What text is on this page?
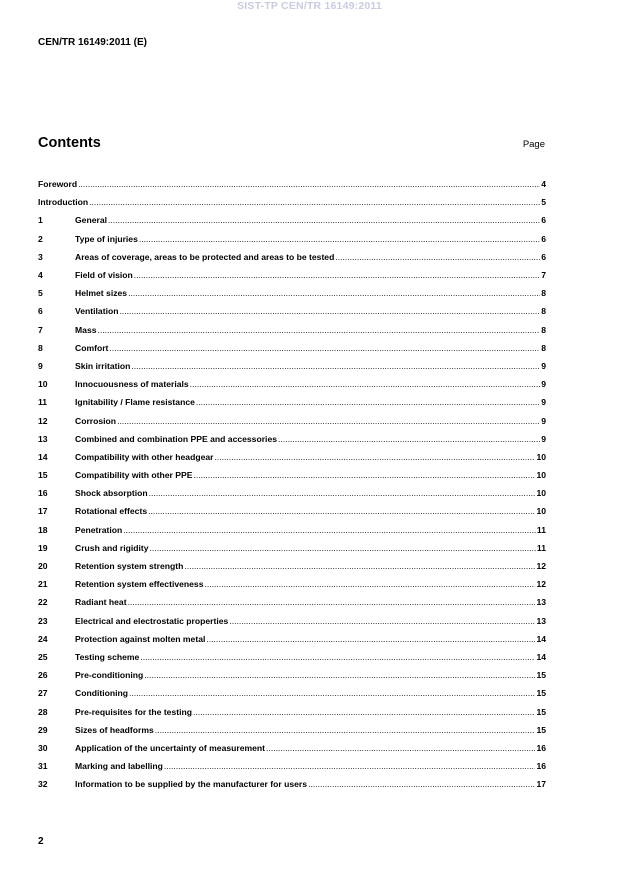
SIST-TP CEN/TR 16149:2011
CEN/TR 16149:2011 (E)
Contents	Page
Foreword .....	4
Introduction .....	5
1	General .....	6
2	Type of injuries .....	6
3	Areas of coverage, areas to be protected and areas to be tested .....	6
4	Field of vision .....	7
5	Helmet sizes .....	8
6	Ventilation .....	8
7	Mass .....	8
8	Comfort .....	8
9	Skin irritation .....	9
10	Innocuousness of materials .....	9
11	Ignitability / Flame resistance .....	9
12	Corrosion .....	9
13	Combined and combination PPE and accessories .....	9
14	Compatibility with other headgear .....	10
15	Compatibility with other PPE .....	10
16	Shock absorption .....	10
17	Rotational effects .....	10
18	Penetration .....	11
19	Crush and rigidity .....	11
20	Retention system strength .....	12
21	Retention system effectiveness .....	12
22	Radiant heat .....	13
23	Electrical and electrostatic properties .....	13
24	Protection against molten metal .....	14
25	Testing scheme .....	14
26	Pre-conditioning .....	15
27	Conditioning .....	15
28	Pre-requisites for the testing .....	15
29	Sizes of headforms .....	15
30	Application of the uncertainty of measurement .....	16
31	Marking and labelling .....	16
32	Information to be supplied by the manufacturer for users .....	17
2
